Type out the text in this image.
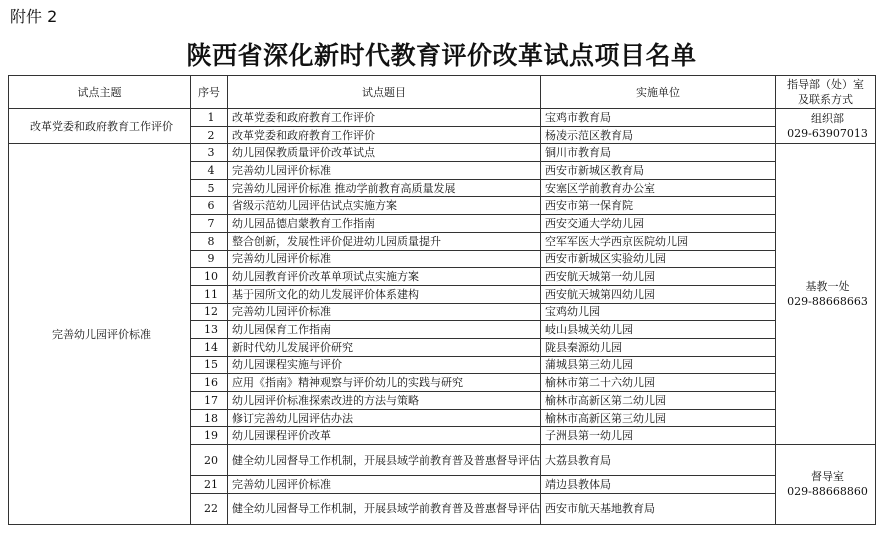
附件 2
陕西省深化新时代教育评价改革试点项目名单
试点主题	序号	试点题目	实施单位	指导部（处）室
及联系方式

改革党委和政府教育工作评价	1	改革党委和政府教育工作评价	宝鸡市教育局	组织部
029-63907013

	2	改革党委和政府教育工作评价	杨凌示范区教育局	
完善幼儿园评价标准	3	幼儿园保教质量评价改革试点	铜川市教育局	基教一处
029-88668663

	4	完善幼儿园评价标准	西安市新城区教育局	
	5	完善幼儿园评价标准 推动学前教育高质量发展	安塞区学前教育办公室	
	6	省级示范幼儿园评估试点实施方案	西安市第一保育院	
	7	幼儿园品德启蒙教育工作指南	西安交通大学幼儿园	
	8	整合创新，发展性评价促进幼儿园质量提升	空军军医大学西京医院幼儿园	
	9	完善幼儿园评价标准	西安市新城区实验幼儿园	
	10	幼儿园教育评价改革单项试点实施方案	西安航天城第一幼儿园	
	11	基于园所文化的幼儿发展评价体系建构	西安航天城第四幼儿园	
	12	完善幼儿园评价标准	宝鸡幼儿园	
	13	幼儿园保育工作指南	岐山县城关幼儿园	
	14	新时代幼儿发展评价研究	陇县秦源幼儿园	
	15	幼儿园课程实施与评价	蒲城县第三幼儿园	
	16	应用《指南》精神观察与评价幼儿的实践与研究	榆林市第二十六幼儿园	
	17	幼儿园评价标准探索改进的方法与策略	榆林市高新区第二幼儿园	
	18	修订完善幼儿园评估办法	榆林市高新区第三幼儿园	
	19	幼儿园课程评价改革	子洲县第一幼儿园	
	20	健全幼儿园督导工作机制，开展县域学前教育普及普惠督导评估	大荔县教育局	督导室
029-88668860

	21	完善幼儿园评价标准	靖边县教体局	
	22	健全幼儿园督导工作机制，开展县域学前教育普及普惠督导评估	西安市航天基地教育局	
